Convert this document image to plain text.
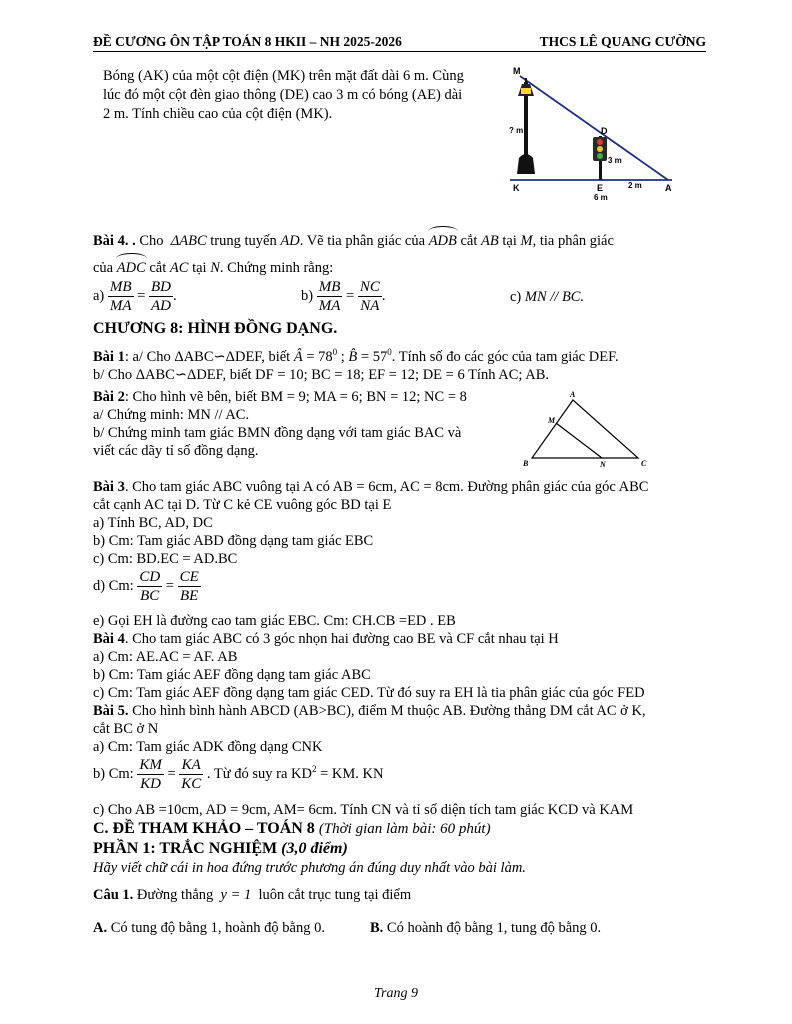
ĐỀ CƯƠNG ÔN TẬP TOÁN 8 HKII – NH 2025-2026	THCS LÊ QUANG CƯỜNG
Bóng (AK) của một cột điện (MK) trên mặt đất dài 6 m. Cùng lúc đó một cột đèn giao thông (DE) cao 3 m có bóng (AE) dài 2 m. Tính chiều cao của cột điện (MK).
M
? m
K
D
3 m
E	2 m	A
6 m
Bài 4. . Cho ΔABC trung tuyến AD. Vẽ tia phân giác của ADB cắt AB tại M, tia phân giác
của ADC cắt AC tại N. Chứng minh rằng:
$a) \frac{MB}{MA} = \frac{BD}{AD}$ .	$b) \frac{MB}{MA} = \frac{NC}{NA}$ .	c) MN // BC.
CHƯƠNG 8: HÌNH ĐỒNG DẠNG.
Bài 1: a/ Cho ΔABC∽ΔDEF, biết Â = $78^0$ ; B̂ = $57^0$. Tính số đo các góc của tam giác DEF.
b/ Cho ΔABC∽ΔDEF, biết DF = 10; BC = 18; EF = 12; DE = 6 Tính AC; AB.
Bài 2: Cho hình vẽ bên, biết BM = 9; MA = 6; BN = 12; NC = 8
a/ Chứng minh: MN // AC.
b/ Chứng minh tam giác BMN đồng dạng với tam giác BAC và
viết các dãy tỉ số đồng dạng.
A
M
B	N	C
Bài 3. Cho tam giác ABC vuông tại A có AB = 6cm, AC = 8cm. Đường phân giác của góc ABC
cắt cạnh AC tại D. Từ C kẻ CE vuông góc BD tại E
a) Tính BC, AD, DC
b) Cm: Tam giác ABD đồng dạng tam giác EBC
c) Cm: BD.EC = AD.BC
d) Cm: $\frac{CD}{BC} = \frac{CE}{BE}$
e) Gọi EH là đường cao tam giác EBC. Cm: CH.CB =ED . EB
Bài 4. Cho tam giác ABC có 3 góc nhọn hai đường cao BE và CF cắt nhau tại H
a) Cm: AE.AC = AF. AB
b) Cm: Tam giác AEF đồng dạng tam giác ABC
c) Cm: Tam giác AEF đồng dạng tam giác CED. Từ đó suy ra EH là tia phân giác của góc FED
Bài 5. Cho hình bình hành ABCD (AB>BC), điểm M thuộc AB. Đường thẳng DM cắt AC ở K,
cắt BC ở N
a) Cm: Tam giác ADK đồng dạng CNK
b) Cm: $\frac{KM}{KD} = \frac{KA}{KC}$ . Từ đó suy ra $KD^2$ = KM. KN
c) Cho AB =10cm, AD = 9cm, AM= 6cm. Tính CN và tỉ số diện tích tam giác KCD và KAM
C. ĐỀ THAM KHẢO – TOÁN 8 (Thời gian làm bài: 60 phút)
PHẦN 1: TRẮC NGHIỆM (3,0 điểm)
Hãy viết chữ cái in hoa đứng trước phương án đúng duy nhất vào bài làm.
Câu 1. Đường thẳng y = 1 luôn cắt trục tung tại điểm
A. Có tung độ bằng 1, hoành độ bằng 0.	B. Có hoành độ bằng 1, tung độ bằng 0.
Trang 9
